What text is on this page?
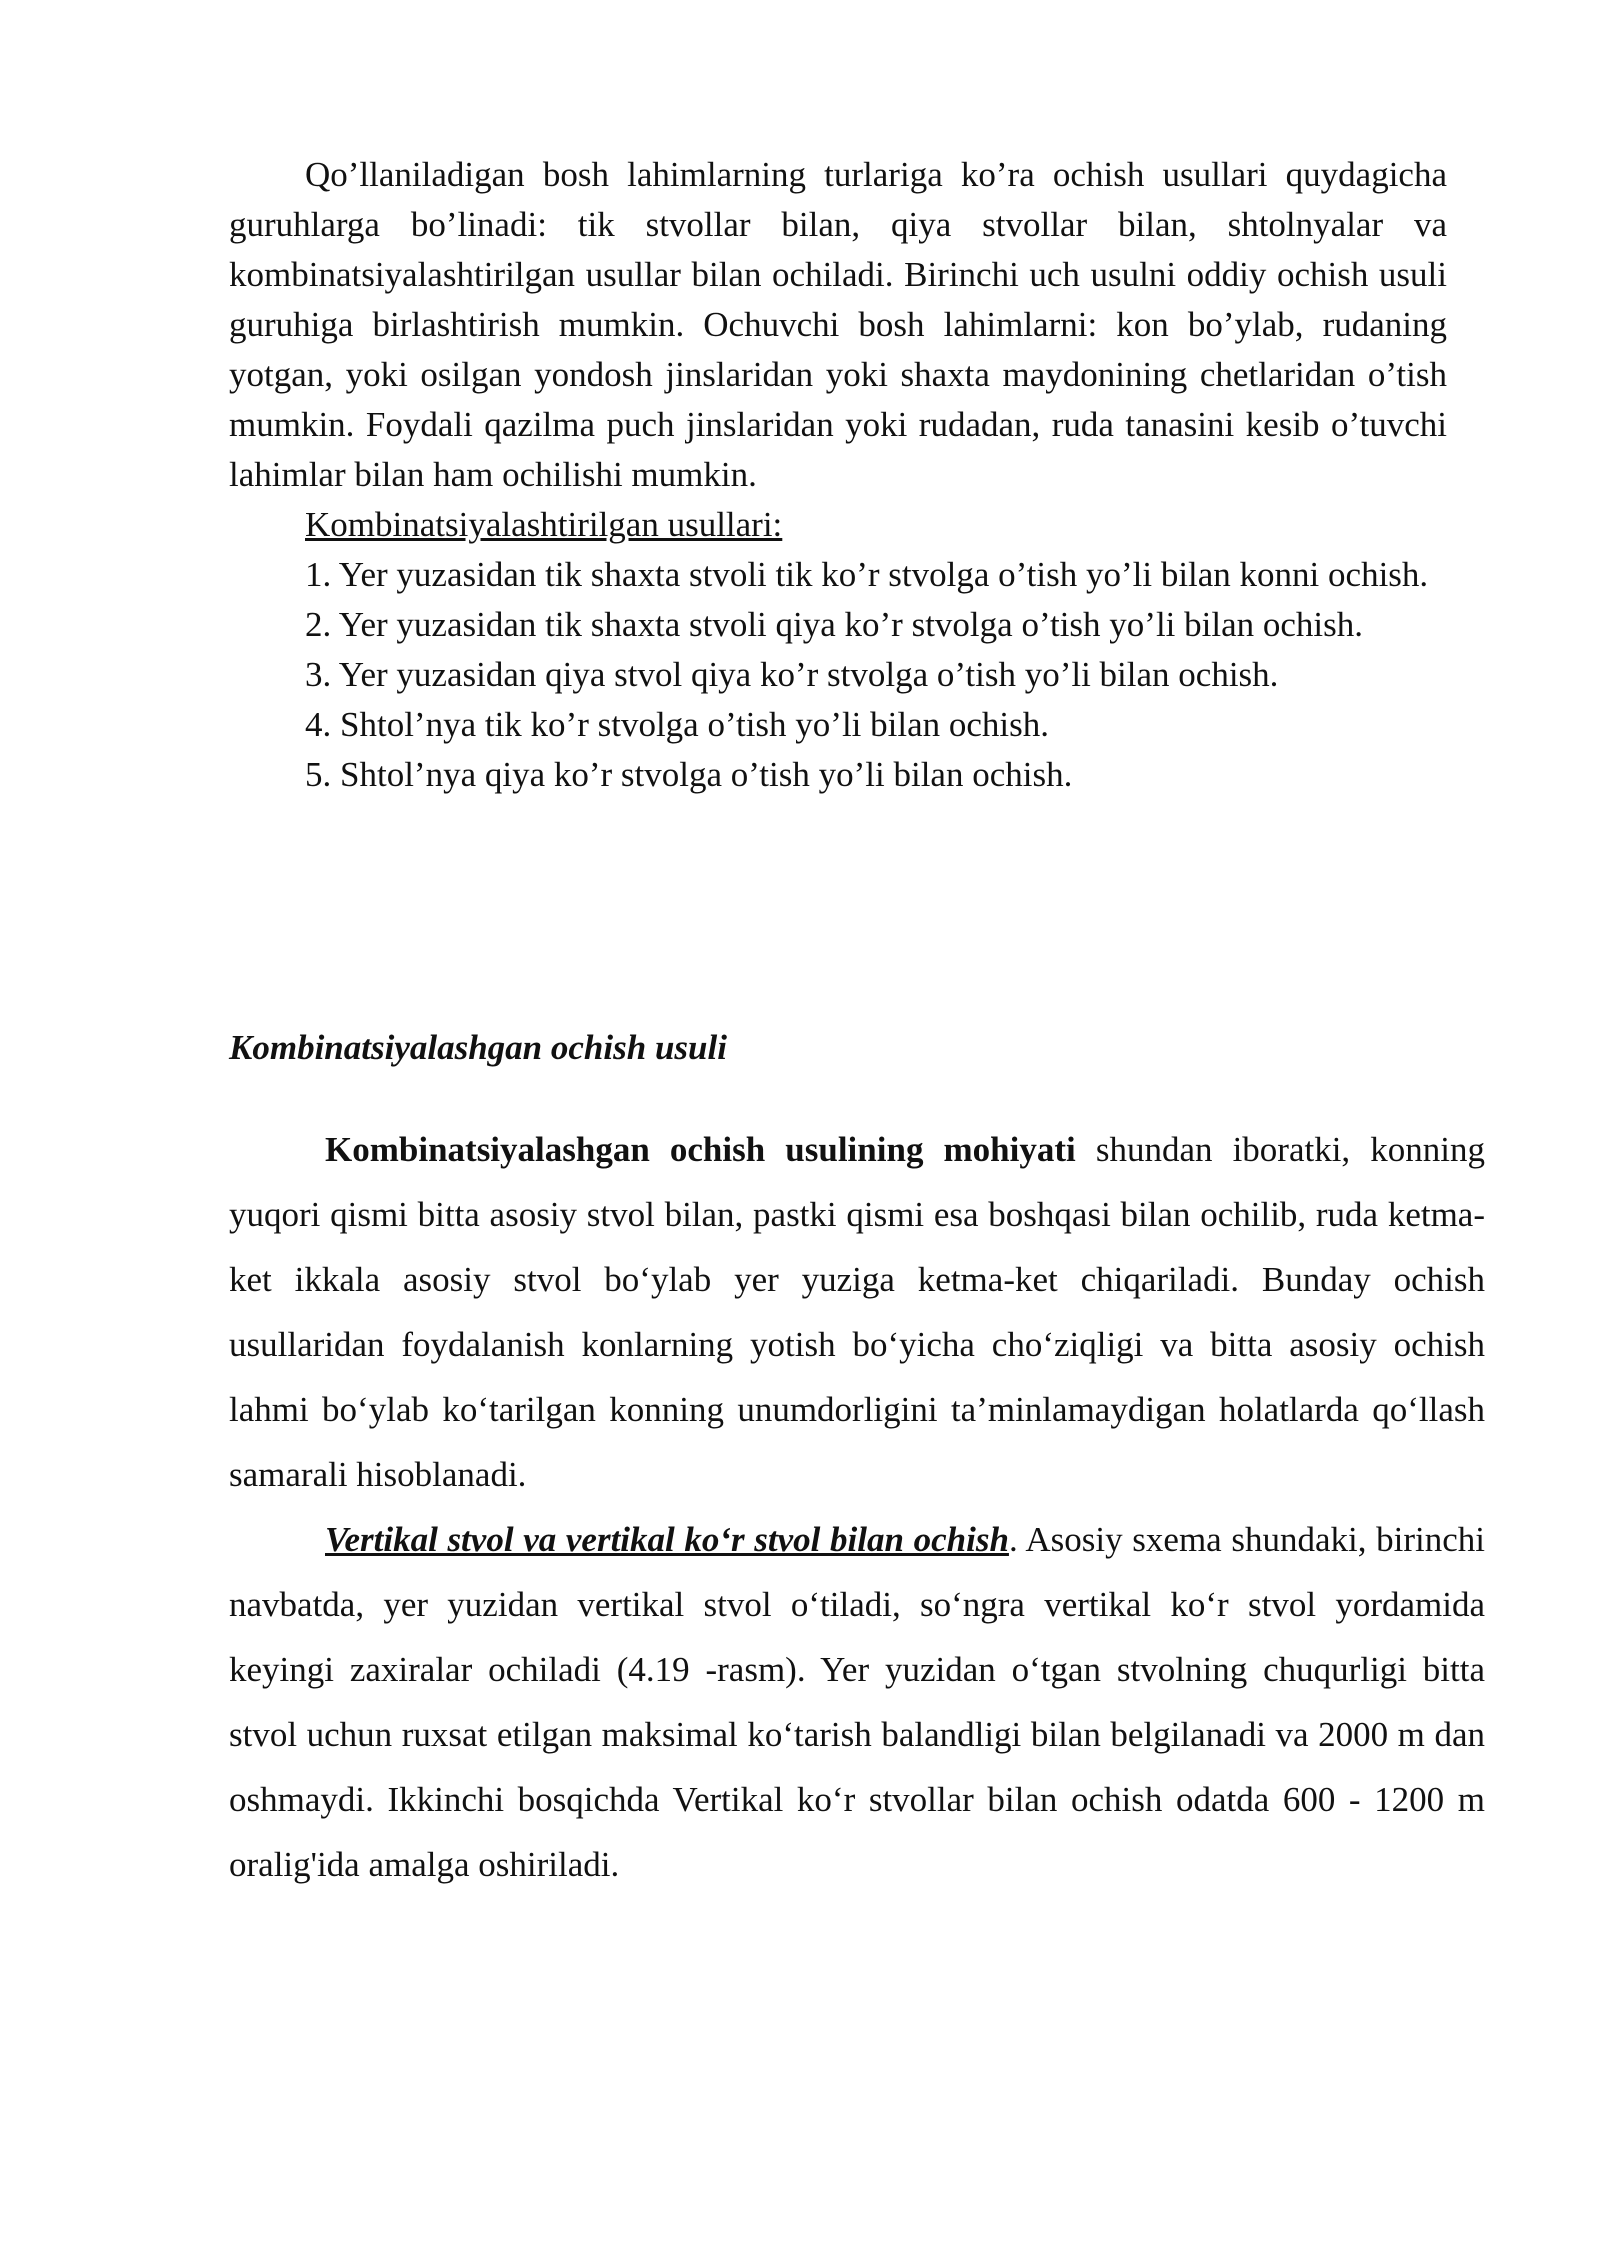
Qo’llaniladigan bosh lahimlarning turlariga ko’ra ochish usullari quydagicha guruhlarga bo’linadi: tik stvollar bilan, qiya stvollar bilan, shtolnyalar va kombinatsiyalashtirilgan usullar bilan ochiladi. Birinchi uch usulni oddiy ochish usuli guruhiga birlashtirish mumkin. Ochuvchi bosh lahimlarni: kon bo’ylab, rudaning yotgan, yoki osilgan yondosh jinslaridan yoki shaxta maydonining chetlaridan o’tish mumkin. Foydali qazilma puch jinslaridan yoki rudadan, ruda tanasini kesib o’tuvchi lahimlar bilan ham ochilishi mumkin.

Kombinatsiyalashtirilgan usullari:

1. Yer yuzasidan tik shaxta stvoli tik ko’r stvolga o’tish yo’li bilan konni ochish.

2. Yer yuzasidan tik shaxta stvoli qiya ko’r stvolga o’tish yo’li bilan ochish.

3. Yer yuzasidan qiya stvol qiya ko’r stvolga o’tish yo’li bilan ochish.

4. Shtol’nya tik ko’r stvolga o’tish yo’li bilan ochish.

5. Shtol’nya qiya ko’r stvolga o’tish yo’li bilan ochish.

Kombinatsiyalashgan ochish usuli

Kombinatsiyalashgan ochish usulining mohiyati shundan iboratki, konning yuqori qismi bitta asosiy stvol bilan, pastki qismi esa boshqasi bilan ochilib, ruda ketma-ket ikkala asosiy stvol bo‘ylab yer yuziga ketma-ket chiqariladi. Bunday ochish usullaridan foydalanish konlarning yotish bo‘yicha cho‘ziqligi va bitta asosiy ochish lahmi bo‘ylab ko‘tarilgan konning unumdorligini ta’minlamaydigan holatlarda qo‘llash samarali hisoblanadi.

Vertikal stvol va vertikal ko‘r stvol bilan ochish. Asosiy sxema shundaki, birinchi navbatda, yer yuzidan vertikal stvol o‘tiladi, so‘ngra vertikal ko‘r stvol yordamida keyingi zaxiralar ochiladi (4.19 -rasm). Yer yuzidan o‘tgan stvolning chuqurligi bitta stvol uchun ruxsat etilgan maksimal ko‘tarish balandligi bilan belgilanadi va 2000 m dan oshmaydi. Ikkinchi bosqichda Vertikal ko‘r stvollar bilan ochish odatda 600 - 1200 m oralig'ida amalga oshiriladi.
